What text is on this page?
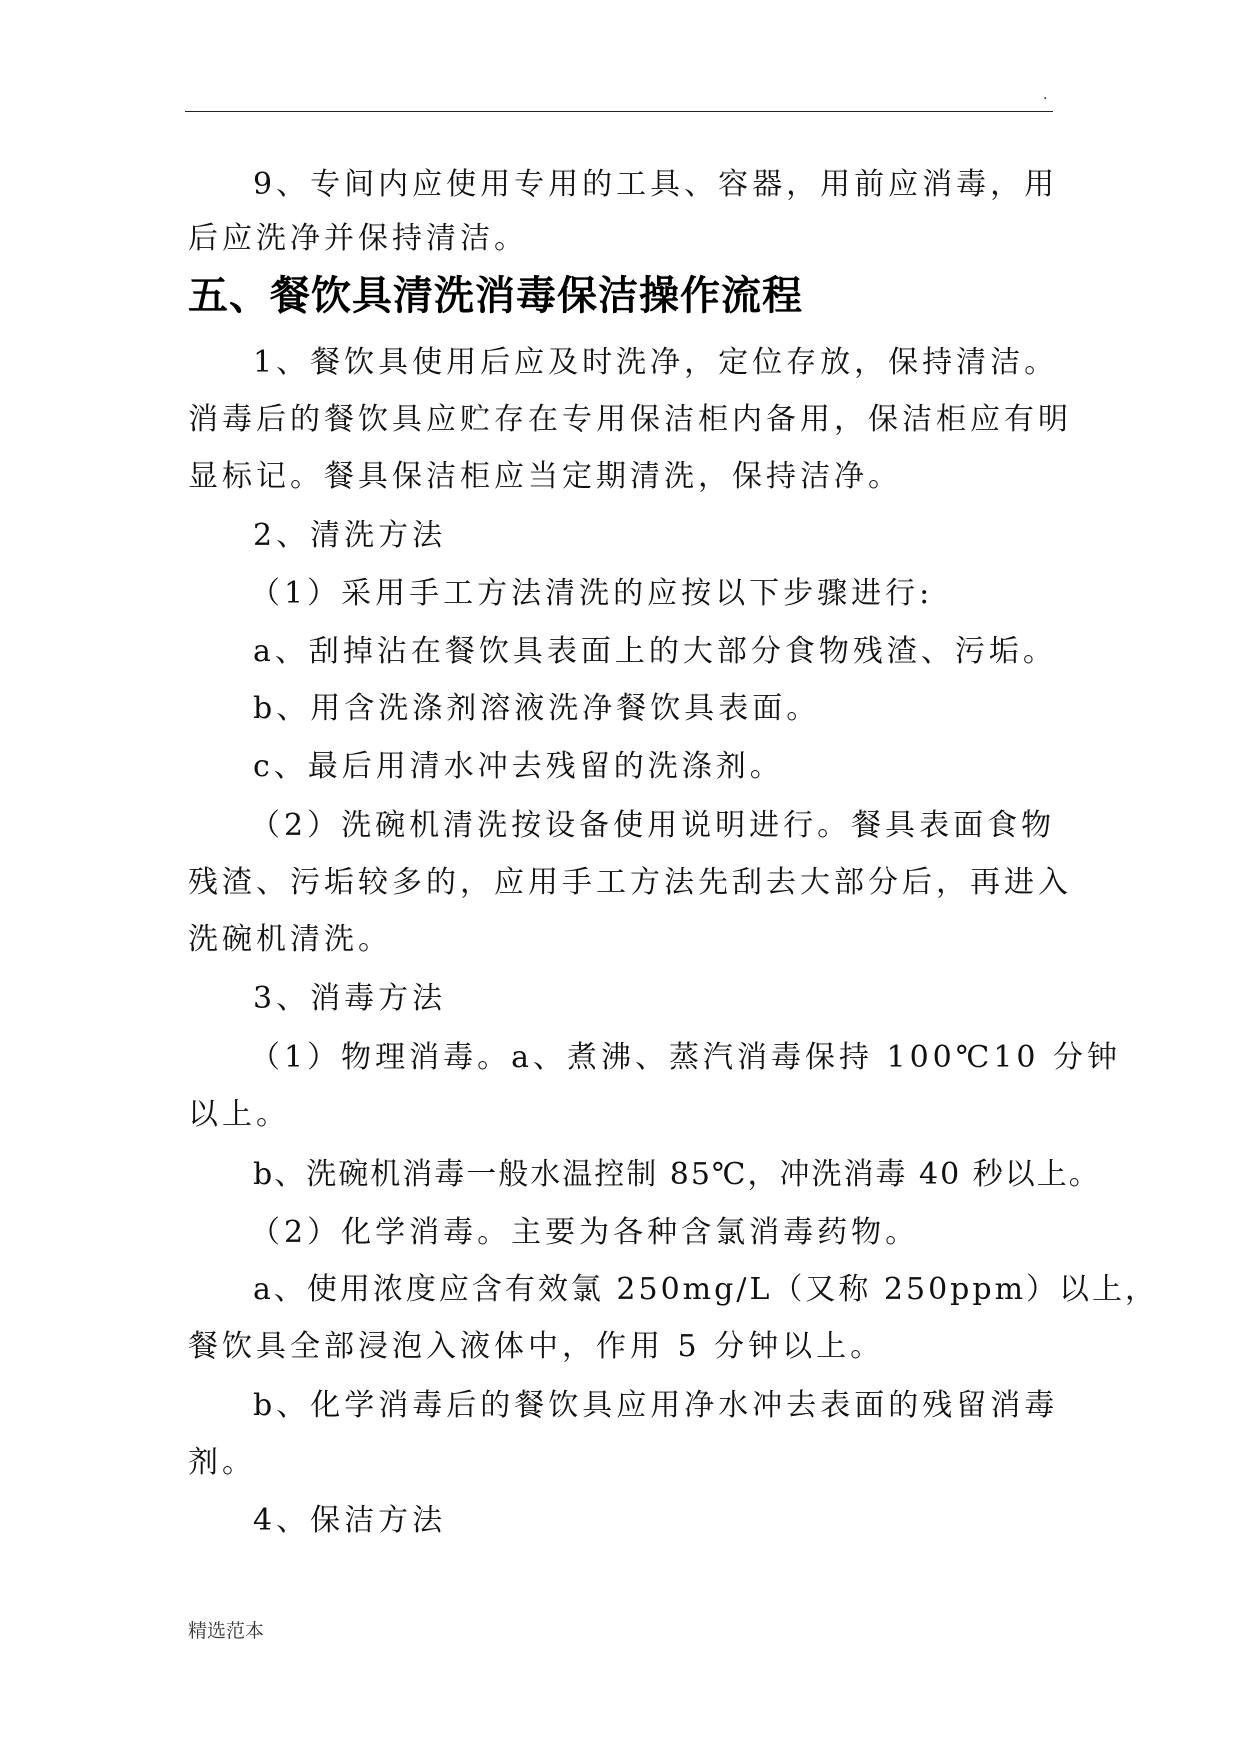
.
9、专间内应使用专用的工具、容器，用前应消毒，用
后应洗净并保持清洁。
五、餐饮具清洗消毒保洁操作流程
1、餐饮具使用后应及时洗净，定位存放，保持清洁。
消毒后的餐饮具应贮存在专用保洁柜内备用，保洁柜应有明
显标记。餐具保洁柜应当定期清洗，保持洁净。
2、清洗方法
（1）采用手工方法清洗的应按以下步骤进行:
a、刮掉沾在餐饮具表面上的大部分食物残渣、污垢。
b、用含洗涤剂溶液洗净餐饮具表面。
c、最后用清水冲去残留的洗涤剂。
（2）洗碗机清洗按设备使用说明进行。餐具表面食物
残渣、污垢较多的，应用手工方法先刮去大部分后，再进入
洗碗机清洗。
3、消毒方法
（1）物理消毒。a、煮沸、蒸汽消毒保持 100℃10 分钟
以上。
b、洗碗机消毒一般水温控制 85℃，冲洗消毒 40 秒以上。
（2）化学消毒。主要为各种含氯消毒药物。
a、使用浓度应含有效氯 250mg/L（又称 250ppm）以上，
餐饮具全部浸泡入液体中，作用 5 分钟以上。
b、化学消毒后的餐饮具应用净水冲去表面的残留消毒
剂。
4、保洁方法
精选范本
